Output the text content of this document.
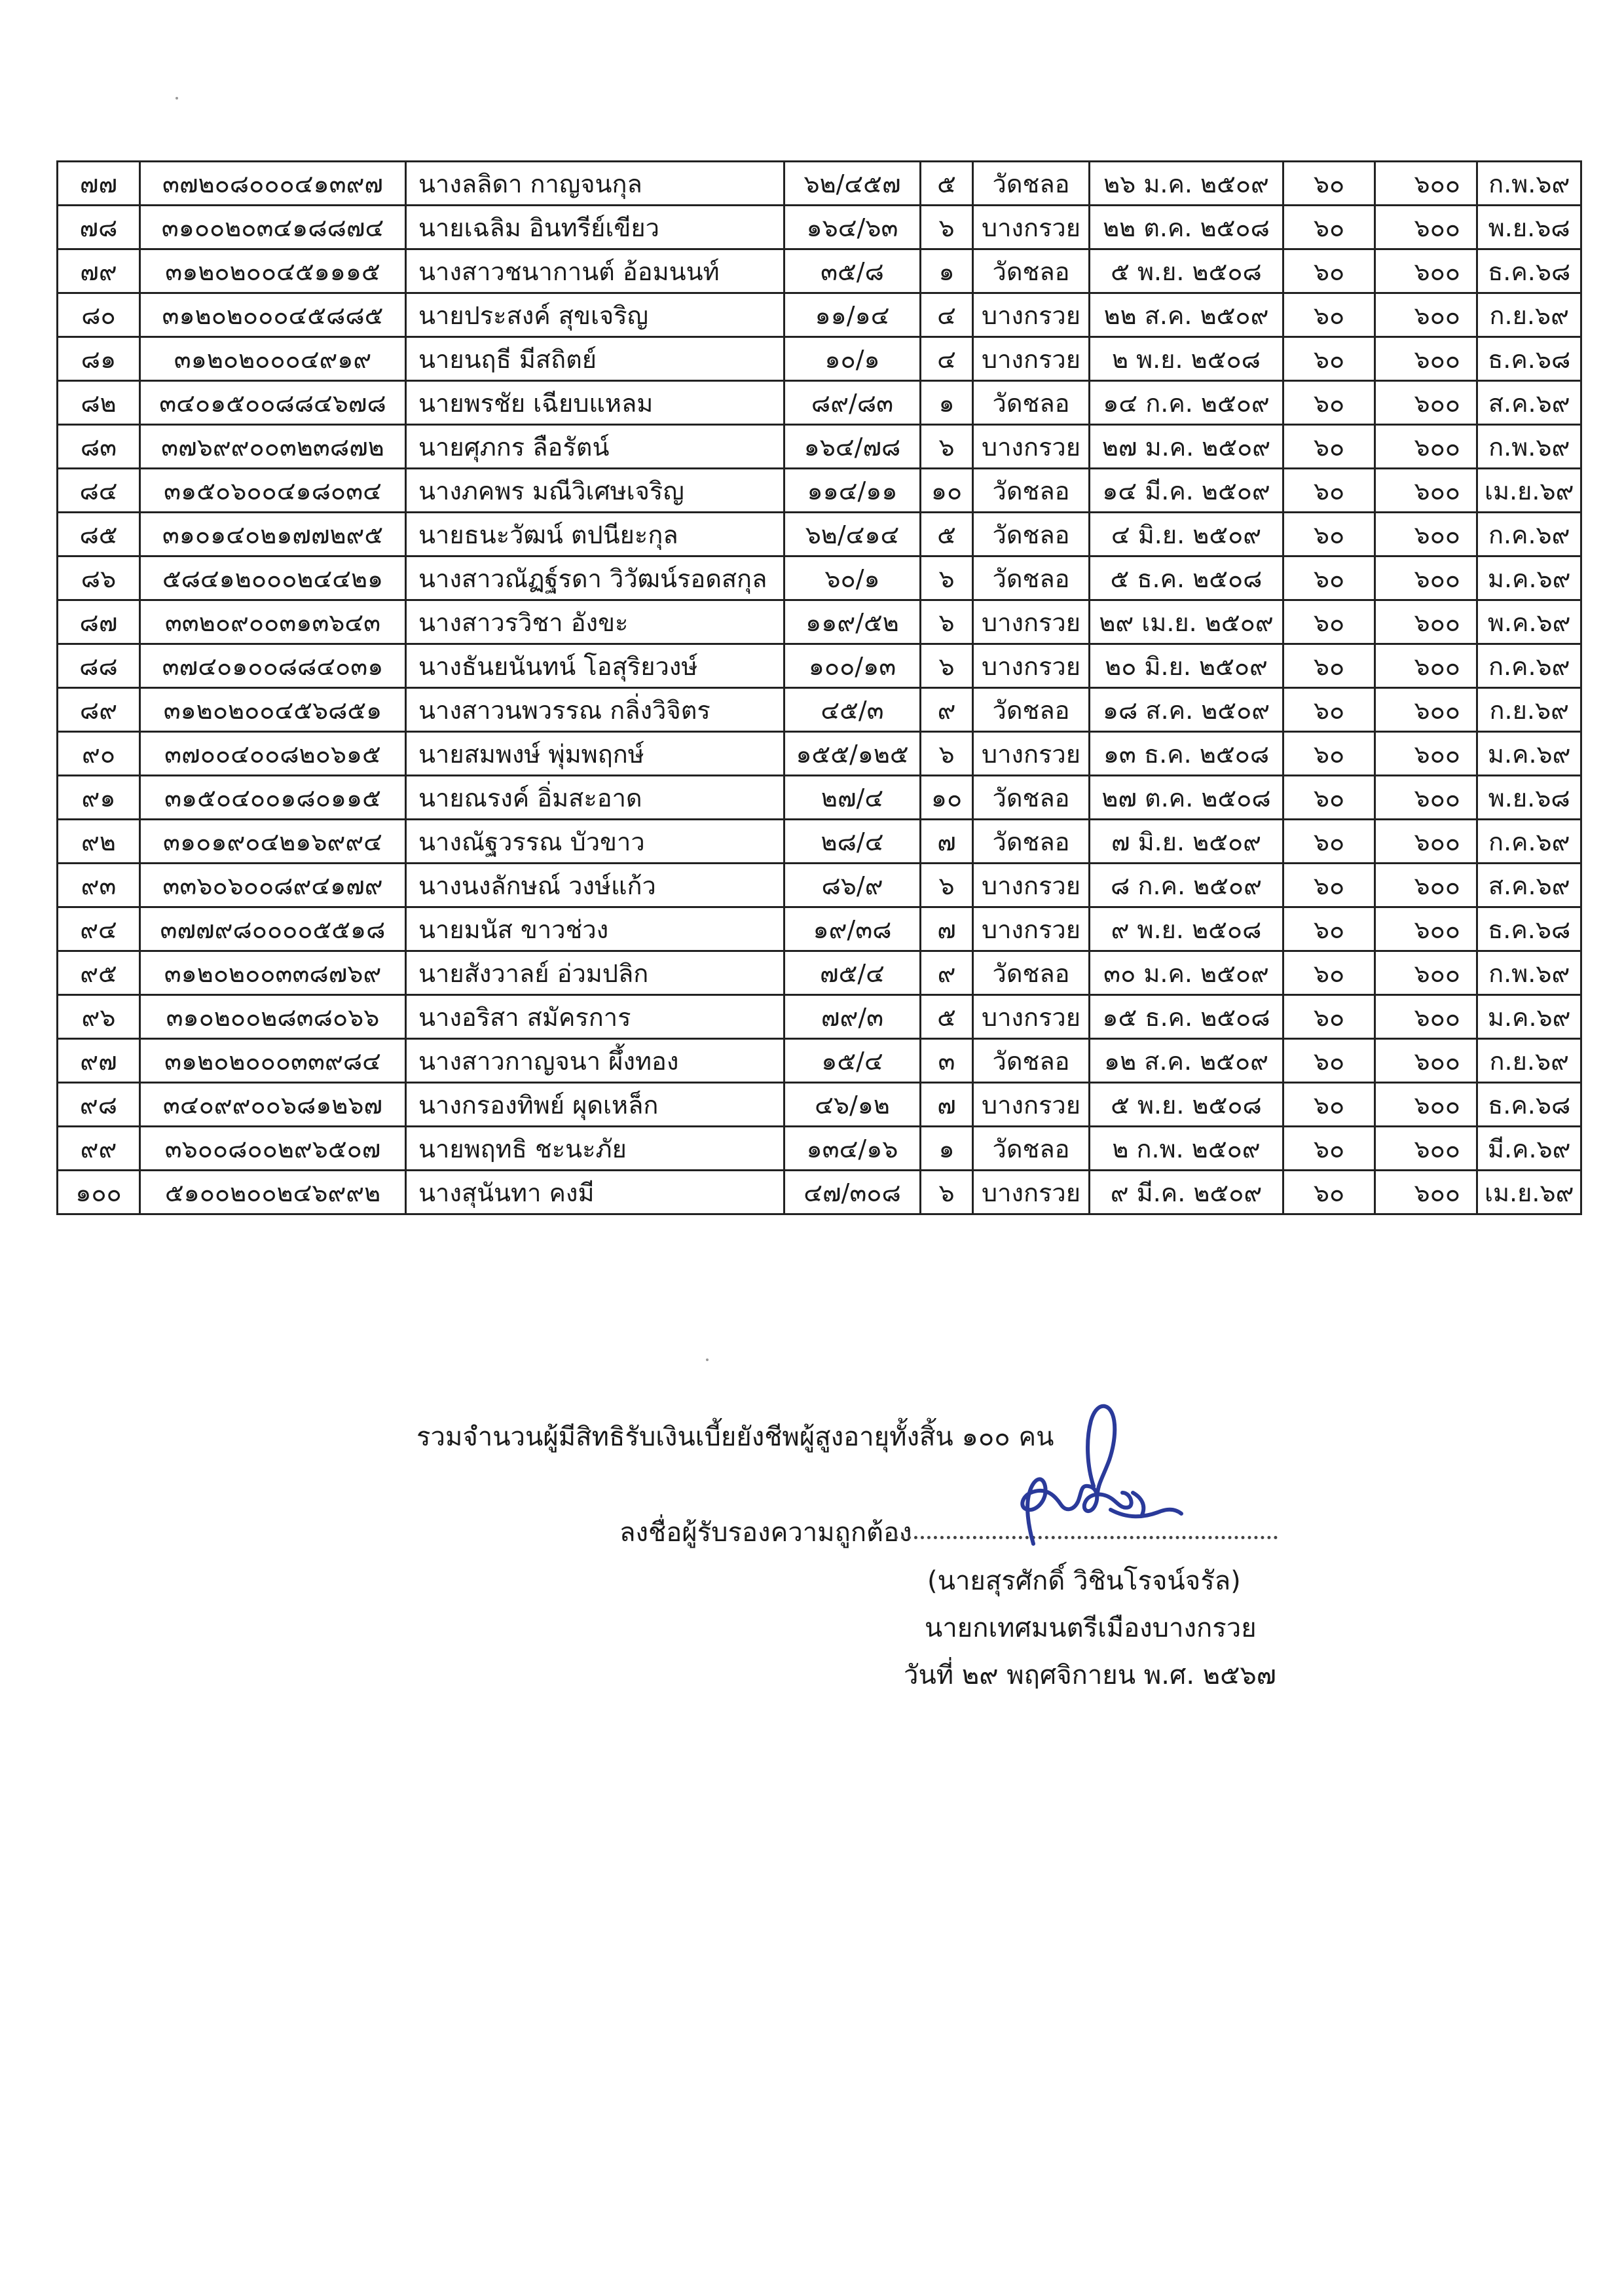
๗๗	๓๗๒๐๘๐๐๐๔๑๓๙๗	นางลลิดา กาญจนกุล	๖๒/๔๕๗	๕	วัดชลอ	๒๖ ม.ค. ๒๕๐๙	๖๐	๖๐๐	ก.พ.๖๙
๗๘	๓๑๐๐๒๐๓๔๑๘๘๗๔	นายเฉลิม อินทรีย์เขียว	๑๖๔/๖๓	๖	บางกรวย	๒๒ ต.ค. ๒๕๐๘	๖๐	๖๐๐	พ.ย.๖๘
๗๙	๓๑๒๐๒๐๐๔๕๑๑๑๕	นางสาวชนากานต์ อ้อมนนท์	๓๕/๘	๑	วัดชลอ	๕ พ.ย. ๒๕๐๘	๖๐	๖๐๐	ธ.ค.๖๘
๘๐	๓๑๒๐๒๐๐๐๔๕๘๘๕	นายประสงค์ สุขเจริญ	๑๑/๑๔	๔	บางกรวย	๒๒ ส.ค. ๒๕๐๙	๖๐	๖๐๐	ก.ย.๖๙
๘๑	๓๑๒๐๒๐๐๐๔๙๑๙	นายนฤธี มีสถิตย์	๑๐/๑	๔	บางกรวย	๒ พ.ย. ๒๕๐๘	๖๐	๖๐๐	ธ.ค.๖๘
๘๒	๓๔๐๑๕๐๐๘๘๔๖๗๘	นายพรชัย เฉียบแหลม	๘๙/๘๓	๑	วัดชลอ	๑๔ ก.ค. ๒๕๐๙	๖๐	๖๐๐	ส.ค.๖๙
๘๓	๓๗๖๙๙๐๐๓๒๓๘๗๒	นายศุภกร ลือรัตน์	๑๖๔/๗๘	๖	บางกรวย	๒๗ ม.ค. ๒๕๐๙	๖๐	๖๐๐	ก.พ.๖๙
๘๔	๓๑๕๐๖๐๐๔๑๘๐๓๔	นางภคพร มณีวิเศษเจริญ	๑๑๔/๑๑	๑๐	วัดชลอ	๑๔ มี.ค. ๒๕๐๙	๖๐	๖๐๐	เม.ย.๖๙
๘๕	๓๑๐๑๔๐๒๑๗๗๒๙๕	นายธนะวัฒน์ ตปนียะกุล	๖๒/๔๑๔	๕	วัดชลอ	๔ มิ.ย. ๒๕๐๙	๖๐	๖๐๐	ก.ค.๖๙
๘๖	๕๘๔๑๒๐๐๐๒๔๔๒๑	นางสาวณัฏฐ์รดา วิวัฒน์รอดสกุล	๖๐/๑	๖	วัดชลอ	๕ ธ.ค. ๒๕๐๘	๖๐	๖๐๐	ม.ค.๖๙
๘๗	๓๓๒๐๙๐๐๓๑๓๖๔๓	นางสาวรวิชา อังขะ	๑๑๙/๕๒	๖	บางกรวย	๒๙ เม.ย. ๒๕๐๙	๖๐	๖๐๐	พ.ค.๖๙
๘๘	๓๗๔๐๑๐๐๘๘๔๐๓๑	นางธันยนันทน์ โอสุริยวงษ์	๑๐๐/๑๓	๖	บางกรวย	๒๐ มิ.ย. ๒๕๐๙	๖๐	๖๐๐	ก.ค.๖๙
๘๙	๓๑๒๐๒๐๐๔๕๖๘๕๑	นางสาวนพวรรณ กลิ่งวิจิตร	๔๕/๓	๙	วัดชลอ	๑๘ ส.ค. ๒๕๐๙	๖๐	๖๐๐	ก.ย.๖๙
๙๐	๓๗๐๐๔๐๐๘๒๐๖๑๕	นายสมพงษ์ พุ่มพฤกษ์	๑๕๕/๑๒๕	๖	บางกรวย	๑๓ ธ.ค. ๒๕๐๘	๖๐	๖๐๐	ม.ค.๖๙
๙๑	๓๑๕๐๔๐๐๑๘๐๑๑๕	นายณรงค์ อิ่มสะอาด	๒๗/๔	๑๐	วัดชลอ	๒๗ ต.ค. ๒๕๐๘	๖๐	๖๐๐	พ.ย.๖๘
๙๒	๓๑๐๑๙๐๔๒๑๖๙๙๔	นางณัฐวรรณ บัวขาว	๒๘/๔	๗	วัดชลอ	๗ มิ.ย. ๒๕๐๙	๖๐	๖๐๐	ก.ค.๖๙
๙๓	๓๓๖๐๖๐๐๘๙๔๑๗๙	นางนงลักษณ์ วงษ์แก้ว	๘๖/๙	๖	บางกรวย	๘ ก.ค. ๒๕๐๙	๖๐	๖๐๐	ส.ค.๖๙
๙๔	๓๗๗๙๘๐๐๐๐๕๕๑๘	นายมนัส ขาวช่วง	๑๙/๓๘	๗	บางกรวย	๙ พ.ย. ๒๕๐๘	๖๐	๖๐๐	ธ.ค.๖๘
๙๕	๓๑๒๐๒๐๐๓๓๘๗๖๙	นายสังวาลย์ อ่วมปลิก	๗๕/๔	๙	วัดชลอ	๓๐ ม.ค. ๒๕๐๙	๖๐	๖๐๐	ก.พ.๖๙
๙๖	๓๑๐๒๐๐๒๘๓๘๐๖๖	นางอริสา สมัครการ	๗๙/๓	๕	บางกรวย	๑๕ ธ.ค. ๒๕๐๘	๖๐	๖๐๐	ม.ค.๖๙
๙๗	๓๑๒๐๒๐๐๐๓๓๙๘๔	นางสาวกาญจนา ผึ้งทอง	๑๕/๔	๓	วัดชลอ	๑๒ ส.ค. ๒๕๐๙	๖๐	๖๐๐	ก.ย.๖๙
๙๘	๓๔๐๙๙๐๐๖๘๑๒๖๗	นางกรองทิพย์ ผุดเหล็ก	๔๖/๑๒	๗	บางกรวย	๕ พ.ย. ๒๕๐๘	๖๐	๖๐๐	ธ.ค.๖๘
๙๙	๓๖๐๐๘๐๐๒๙๖๕๐๗	นายพฤทธิ ชะนะภัย	๑๓๔/๑๖	๑	วัดชลอ	๒ ก.พ. ๒๕๐๙	๖๐	๖๐๐	มี.ค.๖๙
๑๐๐	๕๑๐๐๒๐๐๒๔๖๙๙๒	นางสุนันทา คงมี	๔๗/๓๐๘	๖	บางกรวย	๙ มี.ค. ๒๕๐๙	๖๐	๖๐๐	เม.ย.๖๙
รวมจำนวนผู้มีสิทธิรับเงินเบี้ยยังชีพผู้สูงอายุทั้งสิ้น ๑๐๐ คน
ลงชื่อผู้รับรองความถูกต้อง
(นายสุรศักดิ์ วิชินโรจน์จรัล)
นายกเทศมนตรีเมืองบางกรวย
วันที่ ๒๙ พฤศจิกายน พ.ศ. ๒๕๖๗
